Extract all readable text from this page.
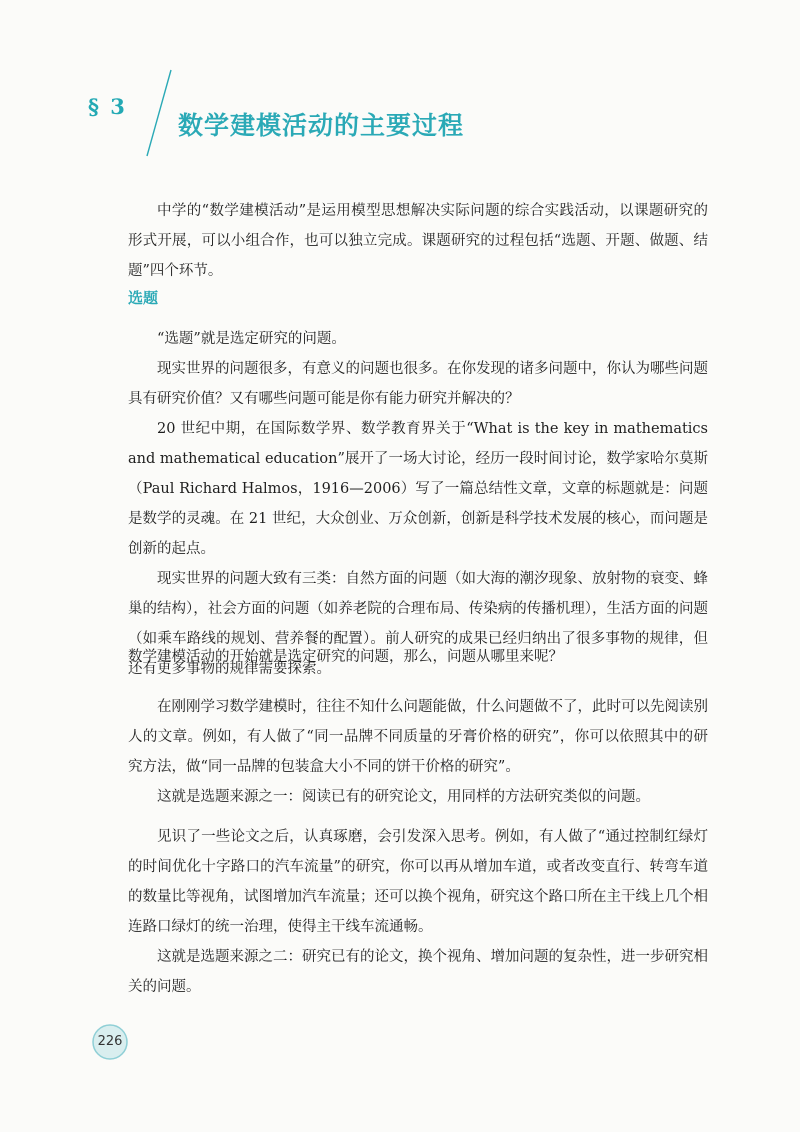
§ 3
数学建模活动的主要过程

中学的“数学建模活动”是运用模型思想解决实际问题的综合实践活动，以课题研究的形式开展，可以小组合作，也可以独立完成。课题研究的过程包括“选题、开题、做题、结题”四个环节。

选题

“选题”就是选定研究的问题。

现实世界的问题很多，有意义的问题也很多。在你发现的诸多问题中，你认为哪些问题具有研究价值？又有哪些问题可能是你有能力研究并解决的？

20 世纪中期，在国际数学界、数学教育界关于“What is the key in mathematics and mathematical education”展开了一场大讨论，经历一段时间讨论，数学家哈尔莫斯（Paul Richard Halmos，1916—2006）写了一篇总结性文章，文章的标题就是：问题是数学的灵魂。在 21 世纪，大众创业、万众创新，创新是科学技术发展的核心，而问题是创新的起点。

现实世界的问题大致有三类：自然方面的问题（如大海的潮汐现象、放射物的衰变、蜂巢的结构），社会方面的问题（如养老院的合理布局、传染病的传播机理），生活方面的问题（如乘车路线的规划、营养餐的配置）。前人研究的成果已经归纳出了很多事物的规律，但还有更多事物的规律需要探索。

数学建模活动的开始就是选定研究的问题，那么，问题从哪里来呢？

在刚刚学习数学建模时，往往不知什么问题能做，什么问题做不了，此时可以先阅读别人的文章。例如，有人做了“同一品牌不同质量的牙膏价格的研究”，你可以依照其中的研究方法，做“同一品牌的包装盒大小不同的饼干价格的研究”。

这就是选题来源之一：阅读已有的研究论文，用同样的方法研究类似的问题。

见识了一些论文之后，认真琢磨，会引发深入思考。例如，有人做了“通过控制红绿灯的时间优化十字路口的汽车流量”的研究，你可以再从增加车道，或者改变直行、转弯车道的数量比等视角，试图增加汽车流量；还可以换个视角，研究这个路口所在主干线上几个相连路口绿灯的统一治理，使得主干线车流通畅。

这就是选题来源之二：研究已有的论文，换个视角、增加问题的复杂性，进一步研究相关的问题。

226
